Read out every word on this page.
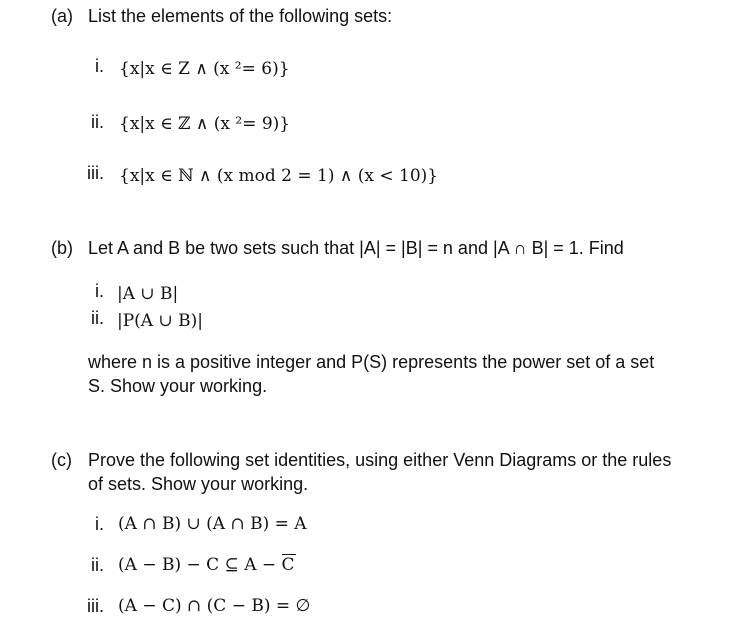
(a) List the elements of the following sets:
i. {x|x ∈ Z ∧ (x ²= 6)}
ii. {x|x ∈ ℤ ∧ (x ²= 9)}
iii. {x|x ∈ ℕ ∧ (x mod 2 = 1) ∧ (x < 10)}
(b) Let A and B be two sets such that |A| = |B| = n and |A ∩ B| = 1. Find
i. |A ∪ B|
ii. |P(A ∪ B)|
where n is a positive integer and P(S) represents the power set of a set
S. Show your working.
(c) Prove the following set identities, using either Venn Diagrams or the rules
of sets. Show your working.
i. (A ∩ B) ∪ (A ∩ B) = A
ii. (A − B) − C ⊆ A − C
iii. (A − C) ∩ (C − B) = ∅
